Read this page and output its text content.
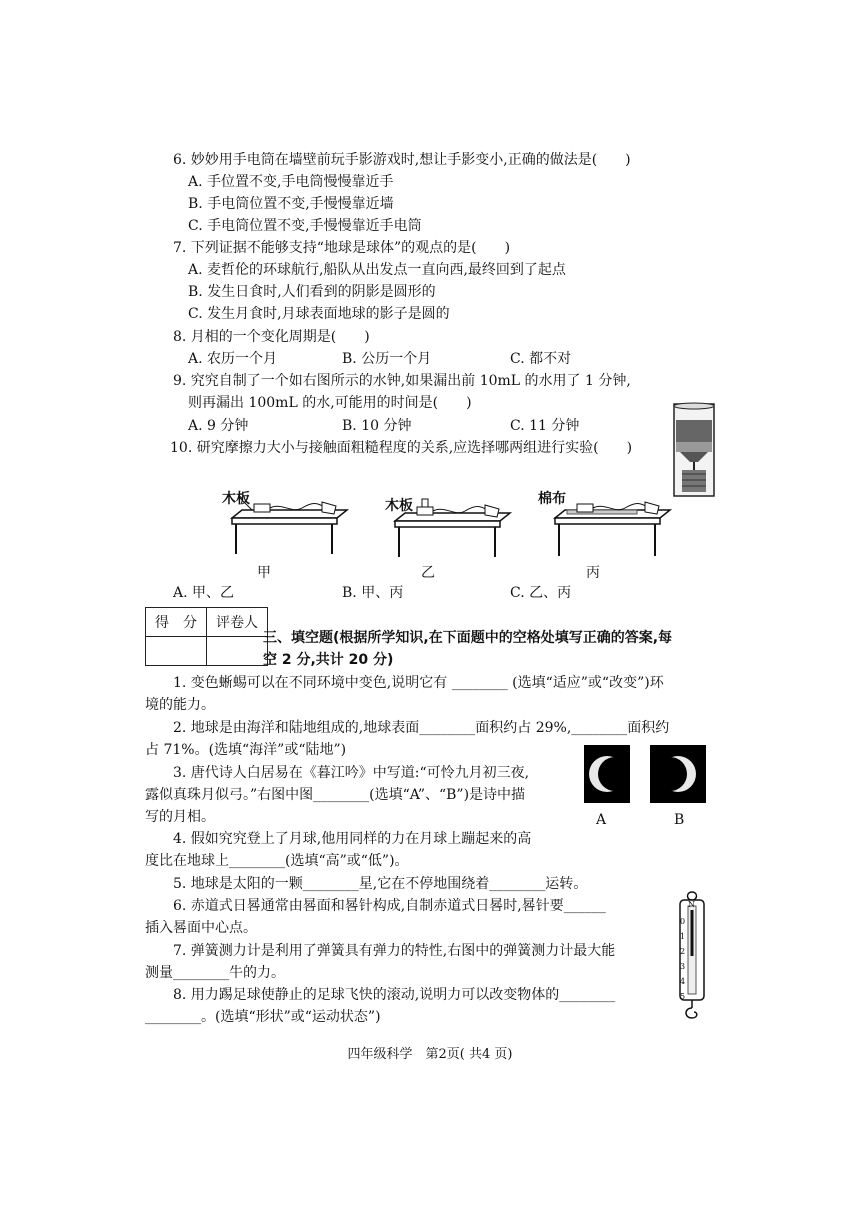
6. 妙妙用手电筒在墙壁前玩手影游戏时,想让手影变小,正确的做法是(　　)
A. 手位置不变,手电筒慢慢靠近手
B. 手电筒位置不变,手慢慢靠近墙
C. 手电筒位置不变,手慢慢靠近手电筒
7. 下列证据不能够支持“地球是球体”的观点的是(　　)
A. 麦哲伦的环球航行,船队从出发点一直向西,最终回到了起点
B. 发生日食时,人们看到的阴影是圆形的
C. 发生月食时,月球表面地球的影子是圆的
8. 月相的一个变化周期是(　　)
A. 农历一个月	B. 公历一个月	C. 都不对
9. 究究自制了一个如右图所示的水钟,如果漏出前 10mL 的水用了 1 分钟,
则再漏出 100mL 的水,可能用的时间是(　　)
A. 9 分钟	B. 10 分钟	C. 11 分钟
10. 研究摩擦力大小与接触面粗糙程度的关系,应选择哪两组进行实验(　　)
木板	木板	棉布
甲	乙	丙
A. 甲、乙	B. 甲、丙	C. 乙、丙
得　分	评卷人

三、填空题(根据所学知识,在下面题中的空格处填写正确的答案,每
空 2 分,共计 20 分)
1. 变色蜥蜴可以在不同环境中变色,说明它有 ________ (选填“适应”或“改变”)环
境的能力。
2. 地球是由海洋和陆地组成的,地球表面________面积约占 29%,________面积约
占 71%。(选填“海洋”或“陆地”)
3. 唐代诗人白居易在《暮江吟》中写道:“可怜九月初三夜,
露似真珠月似弓。”右图中图________(选填“A”、“B”)是诗中描
写的月相。
4. 假如究究登上了月球,他用同样的力在月球上蹦起来的高
度比在地球上________(选填“高”或“低”)。
5. 地球是太阳的一颗________星,它在不停地围绕着________运转。
6. 赤道式日晷通常由晷面和晷针构成,自制赤道式日晷时,晷针要______
插入晷面中心点。
7. 弹簧测力计是利用了弹簧具有弹力的特性,右图中的弹簧测力计最大能
测量________牛的力。
8. 用力踢足球使静止的足球飞快的滚动,说明力可以改变物体的________
________。(选填“形状”或“运动状态”)
A	B
N
0
1
2
3
4
5
四年级科学　第2页( 共4 页)
